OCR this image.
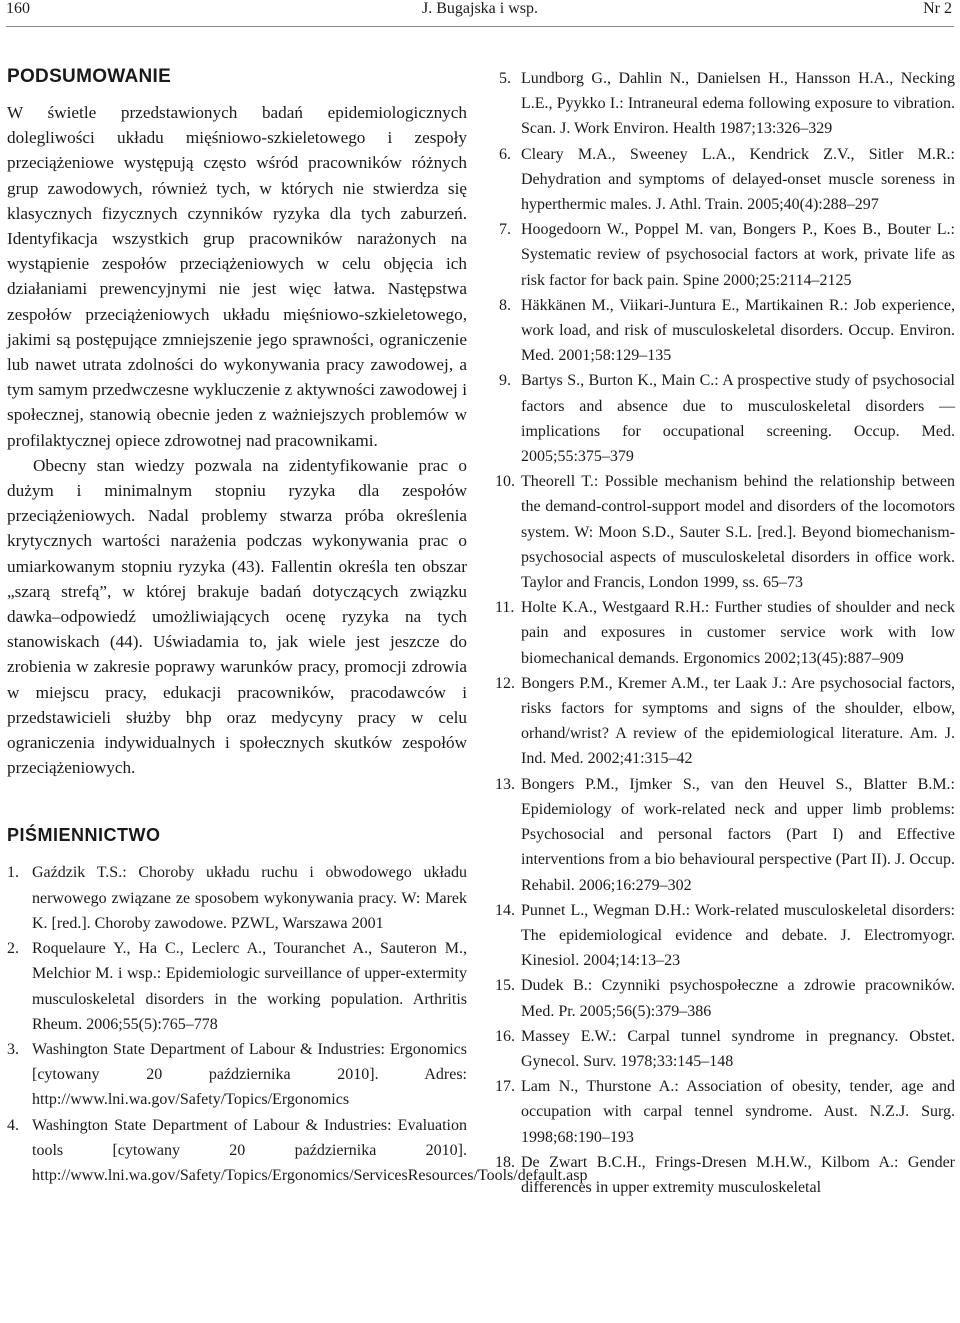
160	J. Bugajska i wsp.	Nr 2
PODSUMOWANIE

W świetle przedstawionych badań epidemiologicznych dolegliwości układu mięśniowo-szkieletowego i zespoły przeciążeniowe występują często wśród pracowników różnych grup zawodowych, również tych, w których nie stwierdza się klasycznych fizycznych czynników ryzyka dla tych zaburzeń. Identyfikacja wszystkich grup pracowników narażonych na wystąpienie zespołów przeciążeniowych w celu objęcia ich działaniami prewencyjnymi nie jest więc łatwa. Następstwa zespołów przeciążeniowych układu mięśniowo-szkieletowego, jakimi są postępujące zmniejszenie jego sprawności, ograniczenie lub nawet utrata zdolności do wykonywania pracy zawodowej, a tym samym przedwczesne wykluczenie z aktywności zawodowej i społecznej, stanowią obecnie jeden z ważniejszych problemów w profilaktycznej opiece zdrowotnej nad pracownikami.

Obecny stan wiedzy pozwala na zidentyfikowanie prac o dużym i minimalnym stopniu ryzyka dla zespołów przeciążeniowych. Nadal problemy stwarza próba określenia krytycznych wartości narażenia podczas wykonywania prac o umiarkowanym stopniu ryzyka (43). Fallentin określa ten obszar „szarą strefą”, w której brakuje badań dotyczących związku dawka–odpowiedź umożliwiających ocenę ryzyka na tych stanowiskach (44). Uświadamia to, jak wiele jest jeszcze do zrobienia w zakresie poprawy warunków pracy, promocji zdrowia w miejscu pracy, edukacji pracowników, pracodawców i przedstawicieli służby bhp oraz medycyny pracy w celu ograniczenia indywidualnych i społecznych skutków zespołów przeciążeniowych.

PIŚMIENNICTWO
1. Gaździk T.S.: Choroby układu ruchu i obwodowego układu nerwowego związane ze sposobem wykonywania pracy. W: Marek K. [red.]. Choroby zawodowe. PZWL, Warszawa 2001
2. Roquelaure Y., Ha C., Leclerc A., Touranchet A., Sauteron M., Melchior M. i wsp.: Epidemiologic surveillance of upper-extermity musculoskeletal disorders in the working population. Arthritis Rheum. 2006;55(5):765–778
3. Washington State Department of Labour & Industries: Ergonomics [cytowany 20 października 2010]. Adres: http://www.lni.wa.gov/Safety/Topics/Ergonomics
4. Washington State Department of Labour & Industries: Evaluation tools [cytowany 20 października 2010]. http://www.lni.wa.gov/Safety/Topics/Ergonomics/ServicesResources/Tools/default.asp
5. Lundborg G., Dahlin N., Danielsen H., Hansson H.A., Necking L.E., Pyykko I.: Intraneural edema following exposure to vibration. Scan. J. Work Environ. Health 1987;13:326–329
6. Cleary M.A., Sweeney L.A., Kendrick Z.V., Sitler M.R.: Dehydration and symptoms of delayed-onset muscle soreness in hyperthermic males. J. Athl. Train. 2005;40(4):288–297
7. Hoogedoorn W., Poppel M. van, Bongers P., Koes B., Bouter L.: Systematic review of psychosocial factors at work, private life as risk factor for back pain. Spine 2000;25:2114–2125
8. Häkkänen M., Viikari-Juntura E., Martikainen R.: Job experience, work load, and risk of musculoskeletal disorders. Occup. Environ. Med. 2001;58:129–135
9. Bartys S., Burton K., Main C.: A prospective study of psychosocial factors and absence due to musculoskeletal disorders — implications for occupational screening. Occup. Med. 2005;55:375–379
10. Theorell T.: Possible mechanism behind the relationship between the demand-control-support model and disorders of the locomotors system. W: Moon S.D., Sauter S.L. [red.]. Beyond biomechanism-psychosocial aspects of musculoskeletal disorders in office work. Taylor and Francis, London 1999, ss. 65–73
11. Holte K.A., Westgaard R.H.: Further studies of shoulder and neck pain and exposures in customer service work with low biomechanical demands. Ergonomics 2002;13(45):887–909
12. Bongers P.M., Kremer A.M., ter Laak J.: Are psychosocial factors, risks factors for symptoms and signs of the shoulder, elbow, orhand/wrist? A review of the epidemiological literature. Am. J. Ind. Med. 2002;41:315–42
13. Bongers P.M., Ijmker S., van den Heuvel S., Blatter B.M.: Epidemiology of work-related neck and upper limb problems: Psychosocial and personal factors (Part I) and Effective interventions from a bio behavioural perspective (Part II). J. Occup. Rehabil. 2006;16:279–302
14. Punnet L., Wegman D.H.: Work-related musculoskeletal disorders: The epidemiological evidence and debate. J. Electromyogr. Kinesiol. 2004;14:13–23
15. Dudek B.: Czynniki psychospołeczne a zdrowie pracowników. Med. Pr. 2005;56(5):379–386
16. Massey E.W.: Carpal tunnel syndrome in pregnancy. Obstet. Gynecol. Surv. 1978;33:145–148
17. Lam N., Thurstone A.: Association of obesity, tender, age and occupation with carpal tennel syndrome. Aust. N.Z.J. Surg. 1998;68:190–193
18. De Zwart B.C.H., Frings-Dresen M.H.W., Kilbom A.: Gender differences in upper extremity musculoskeletal
